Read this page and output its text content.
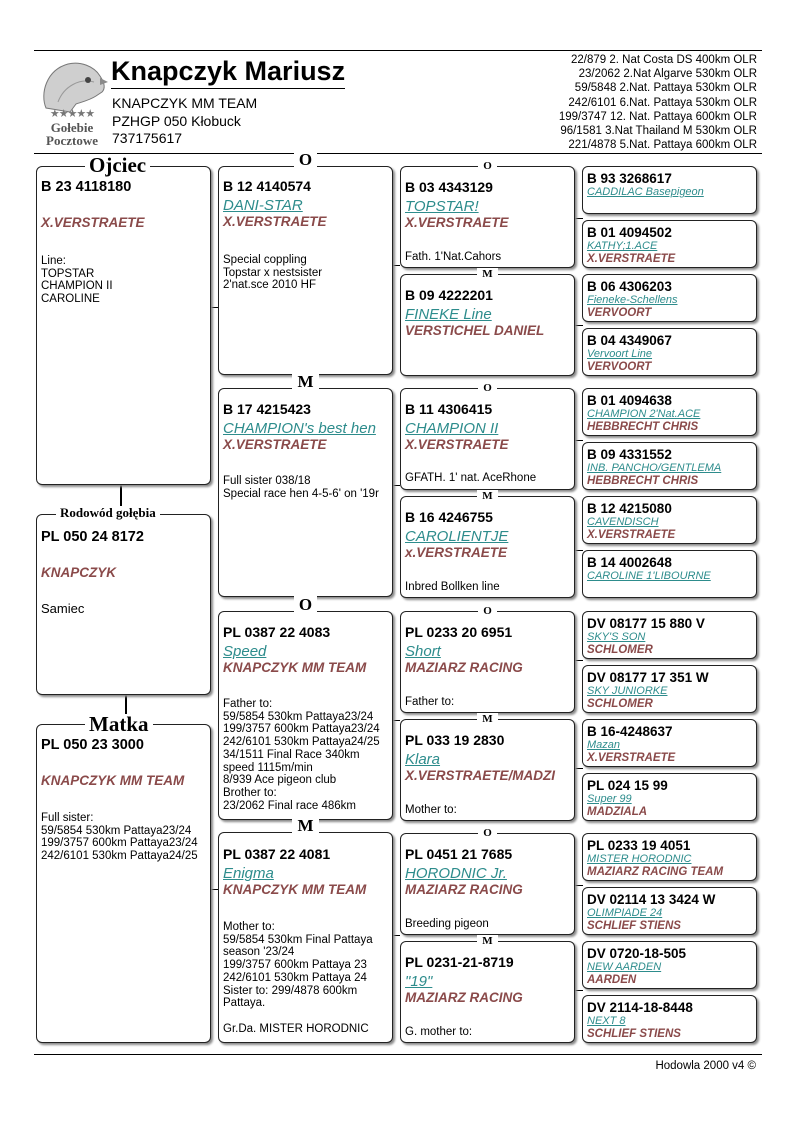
★★★★★
Gołebie
Pocztowe
Knapczyk Mariusz
KNAPCZYK MM TEAM
PZHGP 050 Kłobuck
737175617
22/879 2. Nat Costa DS 400km OLR
23/2062 2.Nat Algarve 530km OLR
59/5848 2.Nat. Pattaya 530km OLR
242/6101 6.Nat. Pattaya 530km OLR
199/3747 12. Nat. Pattaya 600km OLR
96/1581 3.Nat Thailand M 530km OLR
221/4878 5.Nat. Pattaya 600km OLR
Ojciec
B 23 4118180
X.VERSTRAETE
Line:
TOPSTAR
CHAMPION II
CAROLINE
Rodowód gołębia
PL 050 24 8172
KNAPCZYK
Samiec
Matka
PL 050 23 3000
KNAPCZYK MM TEAM
Full sister:
59/5854 530km Pattaya23/24
199/3757 600km Pattaya23/24
242/6101 530km Pattaya24/25
O
B 12 4140574
DANI-STAR
X.VERSTRAETE
Special coppling
Topstar x nestsister
2'nat.sce 2010 HF
M
B 17 4215423
CHAMPION's best hen
X.VERSTRAETE
Full sister 038/18
Special race hen 4-5-6' on '19r
O
PL 0387 22 4083
Speed
KNAPCZYK MM TEAM
Father to:
59/5854 530km Pattaya23/24
199/3757 600km Pattaya23/24
242/6101 530km Pattaya24/25
34/1511 Final Race 340km
speed 1115m/min
8/939 Ace pigeon club
Brother to:
23/2062 Final race 486km
M
PL 0387 22 4081
Enigma
KNAPCZYK MM TEAM
Mother to:
59/5854 530km Final Pattaya
season '23/24
199/3757 600km Pattaya 23
242/6101 530km Pattaya 24
Sister to: 299/4878 600km
Pattaya.

Gr.Da. MISTER HORODNIC
O
B 03 4343129
TOPSTAR!
X.VERSTRAETE
Fath. 1'Nat.Cahors
M
B 09 4222201
FINEKE Line
VERSTICHEL DANIEL
O
B 11 4306415
CHAMPION II
X.VERSTRAETE
GFATH. 1' nat. AceRhone
M
B 16 4246755
CAROLIENTJE
x.VERSTRAETE
Inbred Bollken line
O
PL 0233 20 6951
Short
MAZIARZ RACING
Father to:
M
PL 033 19 2830
Klara
X.VERSTRAETE/MADZI
Mother to:
O
PL 0451 21 7685
HORODNIC Jr.
MAZIARZ RACING
Breeding pigeon
M
PL 0231-21-8719
"19"
MAZIARZ RACING
G. mother to:
B 93 3268617
CADDILAC Basepigeon
B 01 4094502
KATHY;1.ACE
X.VERSTRAETE
B 06 4306203
Fieneke-Schellens
VERVOORT
B 04 4349067
Vervoort Line
VERVOORT
B 01 4094638
CHAMPION 2'Nat.ACE
HEBBRECHT CHRIS
B 09 4331552
INB. PANCHO/GENTLEMA
HEBBRECHT CHRIS
B 12 4215080
CAVENDISCH
X.VERSTRAETE
B 14 4002648
CAROLINE 1'LIBOURNE
DV 08177 15 880 V
SKY'S SON
SCHLOMER
DV 08177 17 351 W
SKY JUNIORKE
SCHLOMER
B 16-4248637
Mazan
X.VERSTRAETE
PL 024 15 99
Super 99
MADZIALA
PL 0233 19 4051
MISTER HORODNIC
MAZIARZ RACING TEAM
DV 02114 13 3424 W
OLIMPIADE 24
SCHLIEF STIENS
DV 0720-18-505
NEW AARDEN
AARDEN
DV 2114-18-8448
NEXT 8
SCHLIEF STIENS
Hodowla 2000 v4 ©
